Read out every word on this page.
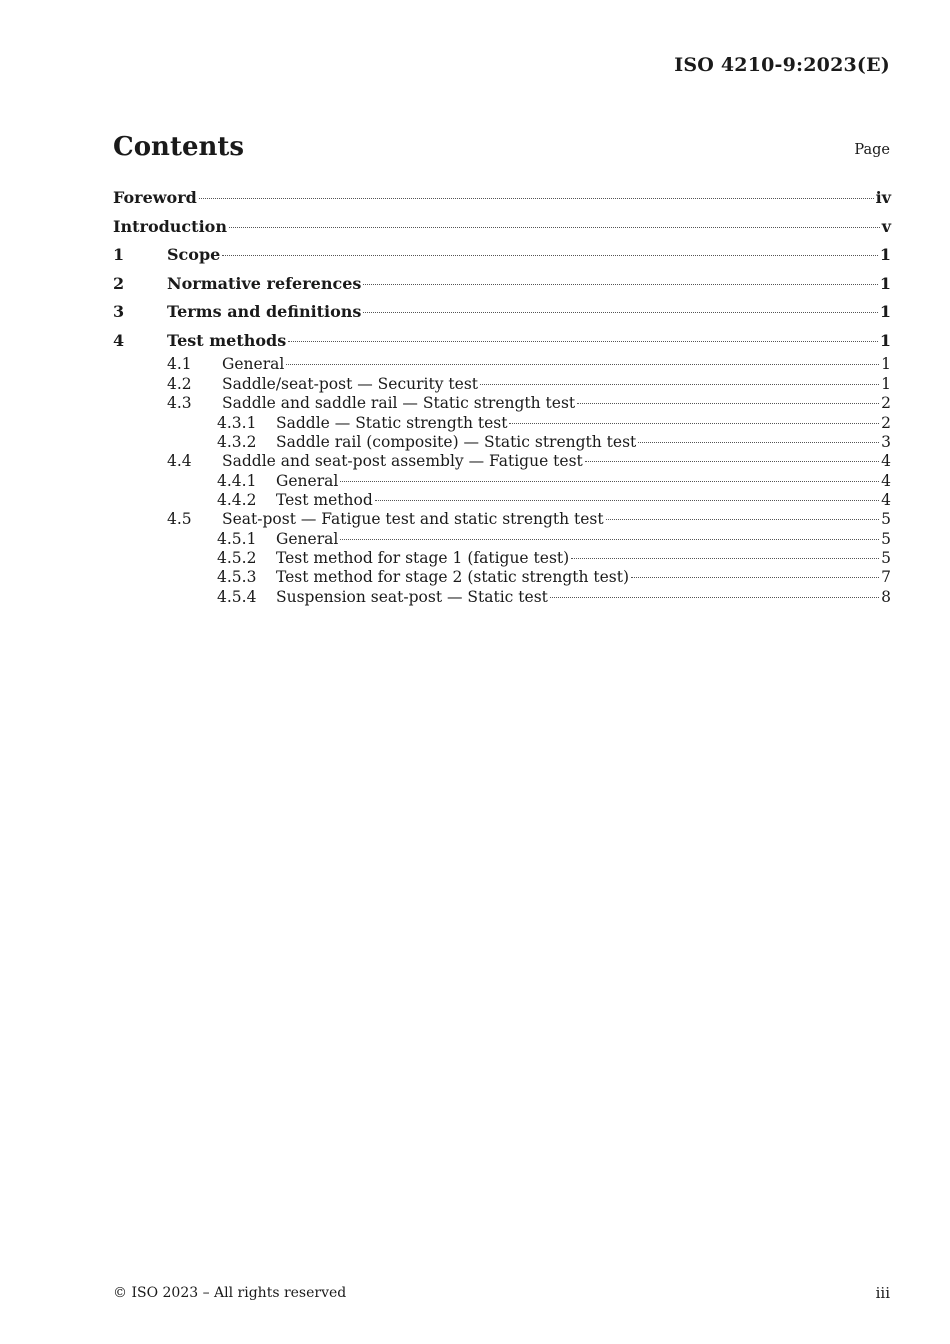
ISO 4210-9:2023(E)
Contents	Page
Foreword	iv
Introduction	v
1	Scope	1
2	Normative references	1
3	Terms and definitions	1
4	Test methods	1
4.1	General	1
4.2	Saddle/seat-post — Security test	1
4.3	Saddle and saddle rail — Static strength test	2
4.3.1	Saddle — Static strength test	2
4.3.2	Saddle rail (composite) — Static strength test	3
4.4	Saddle and seat-post assembly — Fatigue test	4
4.4.1	General	4
4.4.2	Test method	4
4.5	Seat-post — Fatigue test and static strength test	5
4.5.1	General	5
4.5.2	Test method for stage 1 (fatigue test)	5
4.5.3	Test method for stage 2 (static strength test)	7
4.5.4	Suspension seat-post — Static test	8
© ISO 2023 – All rights reserved	iii
